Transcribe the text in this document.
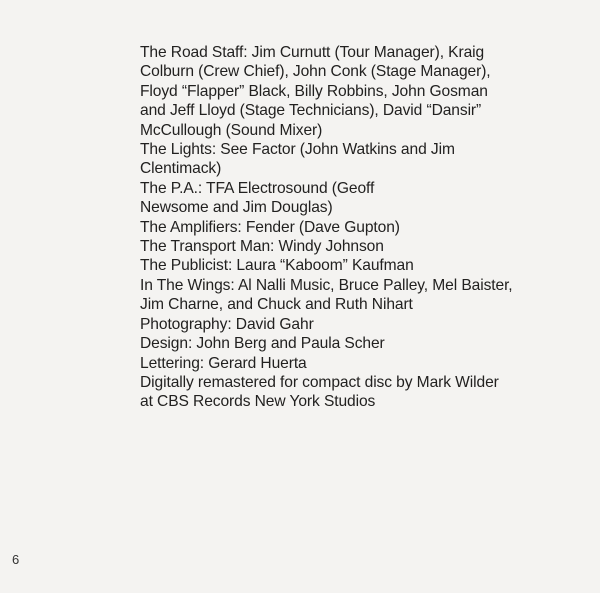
The Road Staff: Jim Curnutt (Tour Manager), Kraig
Colburn (Crew Chief), John Conk (Stage Manager),
Floyd “Flapper” Black, Billy Robbins, John Gosman
and Jeff Lloyd (Stage Technicians), David “Dansir”
McCullough (Sound Mixer)
The Lights: See Factor (John Watkins and Jim
Clentimack)
The P.A.: TFA Electrosound (Geoff
Newsome and Jim Douglas)
The Amplifiers: Fender (Dave Gupton)
The Transport Man: Windy Johnson
The Publicist: Laura “Kaboom” Kaufman
In The Wings: Al Nalli Music, Bruce Palley, Mel Baister,
Jim Charne, and Chuck and Ruth Nihart
Photography: David Gahr
Design: John Berg and Paula Scher
Lettering: Gerard Huerta
Digitally remastered for compact disc by Mark Wilder
at CBS Records New York Studios
6
